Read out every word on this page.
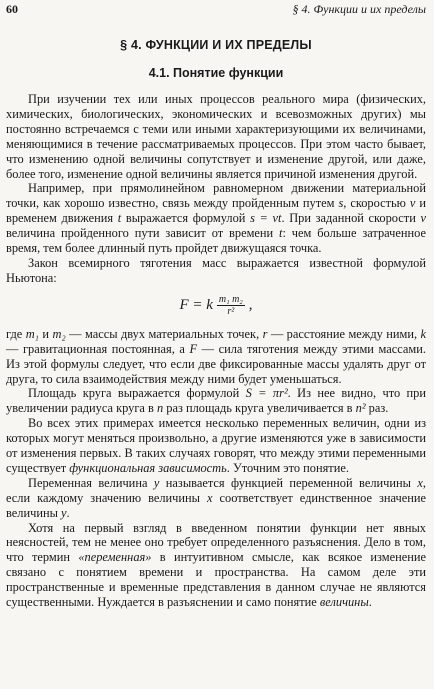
60	§ 4. Функции и их пределы
§ 4. ФУНКЦИИ И ИХ ПРЕДЕЛЫ
4.1. Понятие функции

При изучении тех или иных процессов реального мира (физических, химических, биологических, экономических и всевозможных других) мы постоянно встречаемся с теми или иными характеризующими их величинами, меняющимися в течение рассматриваемых процессов. При этом часто бывает, что изменению одной величины сопутствует и изменение другой, или даже, более того, изменение одной величины является причиной изменения другой.

Например, при прямолинейном равномерном движении материальной точки, как хорошо известно, связь между пройденным путем s, скоростью v и временем движения t выражается формулой s = vt. При заданной скорости v величина пройденного пути зависит от времени t: чем больше затраченное время, тем более длинный путь пройдет движущаяся точка.

Закон всемирного тяготения масс выражается известной формулой Ньютона:

F = k $\frac{\text{m₁ m₂}}{\text{r²}}$ ,

где m₁ и m₂ — массы двух материальных точек, r — расстояние между ними, k — гравитационная постоянная, а F — сила тяготения между этими массами. Из этой формулы следует, что если две фиксированные массы удалять друг от друга, то сила взаимодействия между ними будет уменьшаться.

Площадь круга выражается формулой S = πr². Из нее видно, что при увеличении радиуса круга в n раз площадь круга увеличивается в n² раз.

Во всех этих примерах имеется несколько переменных величин, одни из которых могут меняться произвольно, а другие изменяются уже в зависимости от изменения первых. В таких случаях говорят, что между этими переменными существует функциональная зависимость. Уточним это понятие.

Переменная величина y называется функцией переменной величины x, если каждому значению величины x соответствует единственное значение величины y.

Хотя на первый взгляд в введенном понятии функции нет явных неясностей, тем не менее оно требует определенного разъяснения. Дело в том, что термин «переменная» в интуитивном смысле, как всякое изменение связано с понятием времени и пространства. На самом деле эти пространственные и временные представления в данном случае не являются существенными. Нуждается в разъяснении и само понятие величины.
